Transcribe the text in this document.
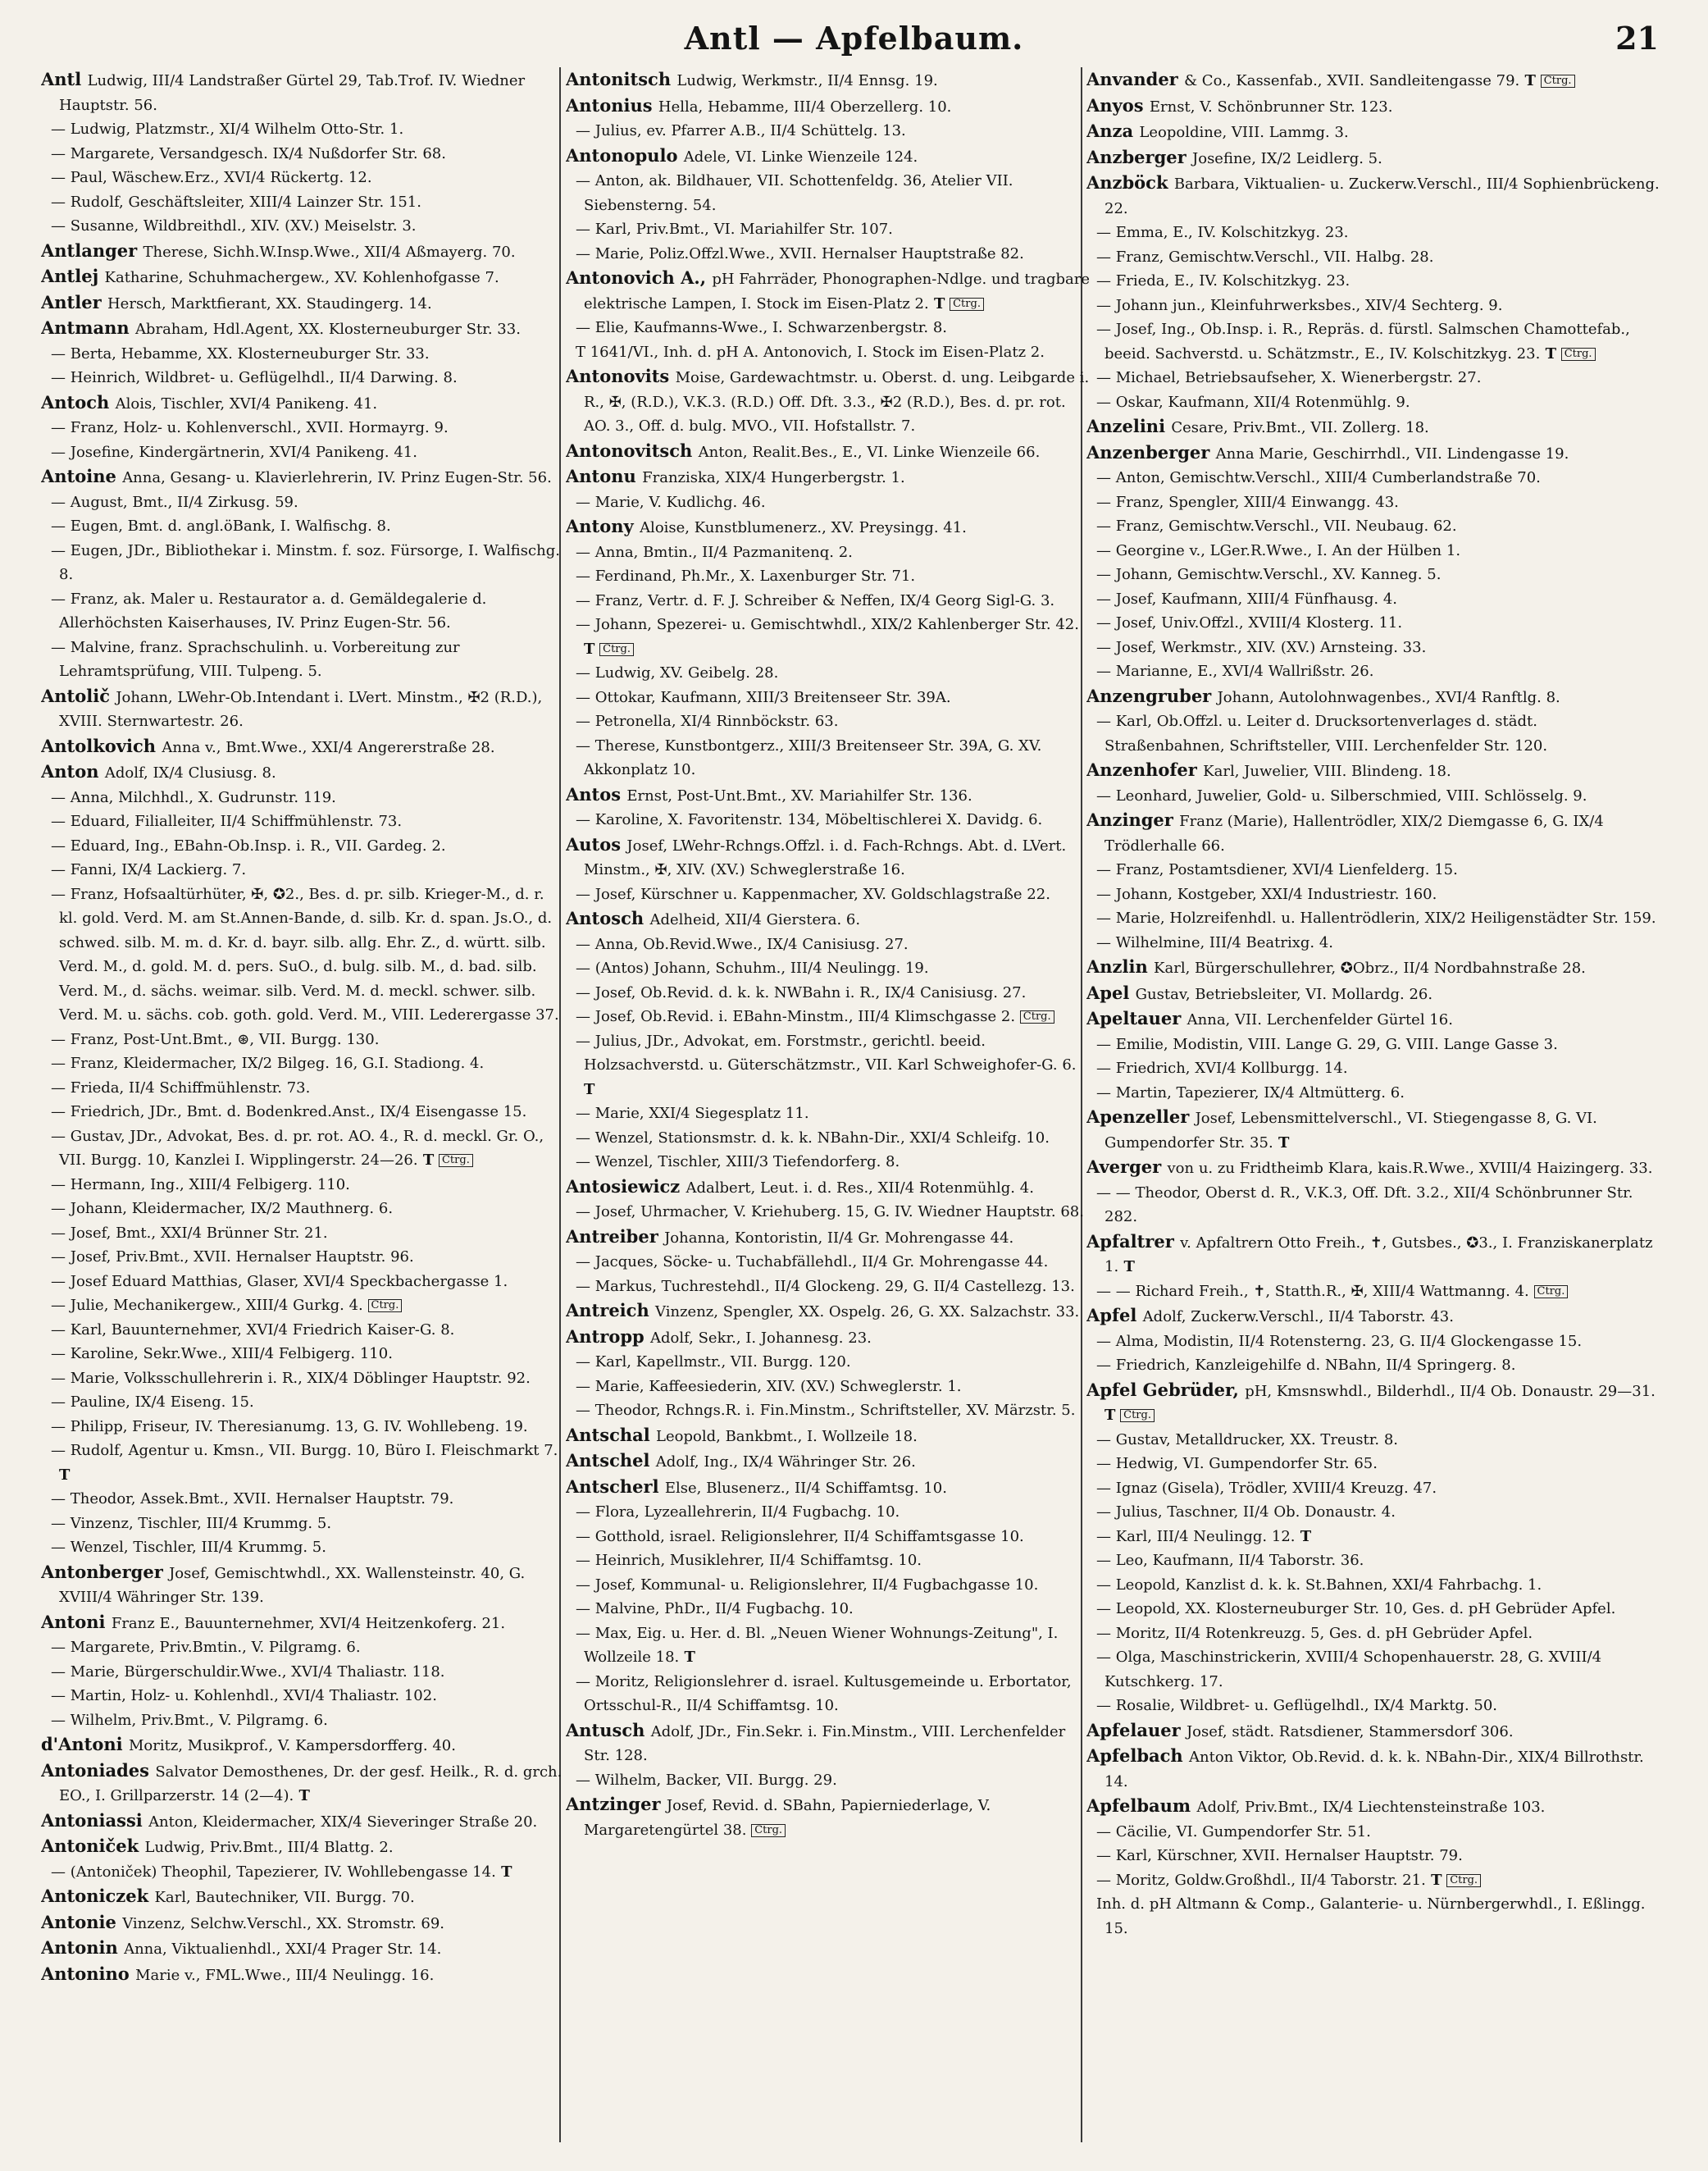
Antl — Apfelbaum.	21

Antl Ludwig, III/4 Landstraßer Gürtel 29, Tab.Trof. IV. Wiedner Hauptstr. 56.

— Ludwig, Platzmstr., XI/4 Wilhelm Otto-Str. 1.

— Margarete, Versandgesch. IX/4 Nußdorfer Str. 68.

— Paul, Wäschew.Erz., XVI/4 Rückertg. 12.

— Rudolf, Geschäftsleiter, XIII/4 Lainzer Str. 151.

— Susanne, Wildbreithdl., XIV. (XV.) Meiselstr. 3.

Antlanger Therese, Sichh.W.Insp.Wwe., XII/4 Aßmayerg. 70.

Antlej Katharine, Schuhmachergew., XV. Kohlenhofgasse 7.

Antler Hersch, Marktfierant, XX. Staudingerg. 14.

Antmann Abraham, Hdl.Agent, XX. Klosterneuburger Str. 33.

— Berta, Hebamme, XX. Klosterneuburger Str. 33.

— Heinrich, Wildbret- u. Geflügelhdl., II/4 Darwing. 8.

Antoch Alois, Tischler, XVI/4 Panikeng. 41.

— Franz, Holz- u. Kohlenverschl., XVII. Hormayrg. 9.

— Josefine, Kindergärtnerin, XVI/4 Panikeng. 41.

Antoine Anna, Gesang- u. Klavierlehrerin, IV. Prinz Eugen-Str. 56.

— August, Bmt., II/4 Zirkusg. 59.

— Eugen, Bmt. d. angl.öBank, I. Walfischg. 8.

— Eugen, JDr., Bibliothekar i. Minstm. f. soz. Fürsorge, I. Walfischg. 8.

— Franz, ak. Maler u. Restaurator a. d. Gemäldegalerie d. Allerhöchsten Kaiserhauses, IV. Prinz Eugen-Str. 56.

— Malvine, franz. Sprachschulinh. u. Vorbereitung zur Lehramtsprüfung, VIII. Tulpeng. 5.

Antolič Johann, LWehr-Ob.Intendant i. LVert. Minstm., ✠2 (R.D.), XVIII. Sternwartestr. 26.

Antolkovich Anna v., Bmt.Wwe., XXI/4 Angererstraße 28.

Anton Adolf, IX/4 Clusiusg. 8.

— Anna, Milchhdl., X. Gudrunstr. 119.

— Eduard, Filialleiter, II/4 Schiffmühlenstr. 73.

— Eduard, Ing., EBahn-Ob.Insp. i. R., VII. Gardeg. 2.

— Fanni, IX/4 Lackierg. 7.

— Franz, Hofsaaltürhüter, ✠, ✪2., Bes. d. pr. silb. Krieger-M., d. r. kl. gold. Verd. M. am St.Annen-Bande, d. silb. Kr. d. span. Js.O., d. schwed. silb. M. m. d. Kr. d. bayr. silb. allg. Ehr. Z., d. württ. silb. Verd. M., d. gold. M. d. pers. SuO., d. bulg. silb. M., d. bad. silb. Verd. M., d. sächs. weimar. silb. Verd. M. d. meckl. schwer. silb. Verd. M. u. sächs. cob. goth. gold. Verd. M., VIII. Lederergasse 37.

— Franz, Post-Unt.Bmt., ⊛, VII. Burgg. 130.

— Franz, Kleidermacher, IX/2 Bilgeg. 16, G.I. Stadiong. 4.

— Frieda, II/4 Schiffmühlenstr. 73.

— Friedrich, JDr., Bmt. d. Bodenkred.Anst., IX/4 Eisengasse 15.

— Gustav, JDr., Advokat, Bes. d. pr. rot. AO. 4., R. d. meckl. Gr. O., VII. Burgg. 10, Kanzlei I. Wipplingerstr. 24—26. T Ctrg.

— Hermann, Ing., XIII/4 Felbigerg. 110.

— Johann, Kleidermacher, IX/2 Mauthnerg. 6.

— Josef, Bmt., XXI/4 Brünner Str. 21.

— Josef, Priv.Bmt., XVII. Hernalser Hauptstr. 96.

— Josef Eduard Matthias, Glaser, XVI/4 Speckbachergasse 1.

— Julie, Mechanikergew., XIII/4 Gurkg. 4. Ctrg.

— Karl, Bauunternehmer, XVI/4 Friedrich Kaiser-G. 8.

— Karoline, Sekr.Wwe., XIII/4 Felbigerg. 110.

— Marie, Volksschullehrerin i. R., XIX/4 Döblinger Hauptstr. 92.

— Pauline, IX/4 Eiseng. 15.

— Philipp, Friseur, IV. Theresianumg. 13, G. IV. Wohllebeng. 19.

— Rudolf, Agentur u. Kmsn., VII. Burgg. 10, Büro I. Fleischmarkt 7. T

— Theodor, Assek.Bmt., XVII. Hernalser Hauptstr. 79.

— Vinzenz, Tischler, III/4 Krummg. 5.

— Wenzel, Tischler, III/4 Krummg. 5.

Antonberger Josef, Gemischtwhdl., XX. Wallensteinstr. 40, G. XVIII/4 Währinger Str. 139.

Antoni Franz E., Bauunternehmer, XVI/4 Heitzenkoferg. 21.

— Margarete, Priv.Bmtin., V. Pilgramg. 6.

— Marie, Bürgerschuldir.Wwe., XVI/4 Thaliastr. 118.

— Martin, Holz- u. Kohlenhdl., XVI/4 Thaliastr. 102.

— Wilhelm, Priv.Bmt., V. Pilgramg. 6.

d'Antoni Moritz, Musikprof., V. Kampersdorfferg. 40.

Antoniades Salvator Demosthenes, Dr. der gesf. Heilk., R. d. grch. EO., I. Grillparzerstr. 14 (2—4). T

Antoniassi Anton, Kleidermacher, XIX/4 Sieveringer Straße 20.

Antoniček Ludwig, Priv.Bmt., III/4 Blattg. 2.

— (Antoniček) Theophil, Tapezierer, IV. Wohllebengasse 14. T

Antoniczek Karl, Bautechniker, VII. Burgg. 70.

Antonie Vinzenz, Selchw.Verschl., XX. Stromstr. 69.

Antonin Anna, Viktualienhdl., XXI/4 Prager Str. 14.

Antonino Marie v., FML.Wwe., III/4 Neulingg. 16.

Antonitsch Ludwig, Werkmstr., II/4 Ennsg. 19.

Antonius Hella, Hebamme, III/4 Oberzellerg. 10.

— Julius, ev. Pfarrer A.B., II/4 Schüttelg. 13.

Antonopulo Adele, VI. Linke Wienzeile 124.

— Anton, ak. Bildhauer, VII. Schottenfeldg. 36, Atelier VII. Siebensterng. 54.

— Karl, Priv.Bmt., VI. Mariahilfer Str. 107.

— Marie, Poliz.Offzl.Wwe., XVII. Hernalser Hauptstraße 82.

Antonovich A., pH Fahrräder, Phonographen-Ndlge. und tragbare elektrische Lampen, I. Stock im Eisen-Platz 2. T Ctrg.

— Elie, Kaufmanns-Wwe., I. Schwarzenbergstr. 8.

T 1641/VI., Inh. d. pH A. Antonovich, I. Stock im Eisen-Platz 2.

Antonovits Moise, Gardewachtmstr. u. Oberst. d. ung. Leibgarde i. R., ✠, (R.D.), V.K.3. (R.D.) Off. Dft. 3.3., ✠2 (R.D.), Bes. d. pr. rot. AO. 3., Off. d. bulg. MVO., VII. Hofstallstr. 7.

Antonovitsch Anton, Realit.Bes., E., VI. Linke Wienzeile 66.

Antonu Franziska, XIX/4 Hungerbergstr. 1.

— Marie, V. Kudlichg. 46.

Antony Aloise, Kunstblumenerz., XV. Preysingg. 41.

— Anna, Bmtin., II/4 Pazmanitenq. 2.

— Ferdinand, Ph.Mr., X. Laxenburger Str. 71.

— Franz, Vertr. d. F. J. Schreiber & Neffen, IX/4 Georg Sigl-G. 3.

— Johann, Spezerei- u. Gemischtwhdl., XIX/2 Kahlenberger Str. 42. T Ctrg.

— Ludwig, XV. Geibelg. 28.

— Ottokar, Kaufmann, XIII/3 Breitenseer Str. 39A.

— Petronella, XI/4 Rinnböckstr. 63.

— Therese, Kunstbontgerz., XIII/3 Breitenseer Str. 39A, G. XV. Akkonplatz 10.

Antos Ernst, Post-Unt.Bmt., XV. Mariahilfer Str. 136.

— Karoline, X. Favoritenstr. 134, Möbeltischlerei X. Davidg. 6.

Autos Josef, LWehr-Rchngs.Offzl. i. d. Fach-Rchngs. Abt. d. LVert. Minstm., ✠, XIV. (XV.) Schweglerstraße 16.

— Josef, Kürschner u. Kappenmacher, XV. Goldschlagstraße 22.

Antosch Adelheid, XII/4 Gierstera. 6.

— Anna, Ob.Revid.Wwe., IX/4 Canisiusg. 27.

— (Antos) Johann, Schuhm., III/4 Neulingg. 19.

— Josef, Ob.Revid. d. k. k. NWBahn i. R., IX/4 Canisiusg. 27.

— Josef, Ob.Revid. i. EBahn-Minstm., III/4 Klimschgasse 2. Ctrg.

— Julius, JDr., Advokat, em. Forstmstr., gerichtl. beeid. Holzsachverstd. u. Güterschätzmstr., VII. Karl Schweighofer-G. 6. T

— Marie, XXI/4 Siegesplatz 11.

— Wenzel, Stationsmstr. d. k. k. NBahn-Dir., XXI/4 Schleifg. 10.

— Wenzel, Tischler, XIII/3 Tiefendorferg. 8.

Antosiewicz Adalbert, Leut. i. d. Res., XII/4 Rotenmühlg. 4.

— Josef, Uhrmacher, V. Kriehuberg. 15, G. IV. Wiedner Hauptstr. 68.

Antreiber Johanna, Kontoristin, II/4 Gr. Mohrengasse 44.

— Jacques, Söcke- u. Tuchabfällehdl., II/4 Gr. Mohrengasse 44.

— Markus, Tuchrestehdl., II/4 Glockeng. 29, G. II/4 Castellezg. 13.

Antreich Vinzenz, Spengler, XX. Ospelg. 26, G. XX. Salzachstr. 33.

Antropp Adolf, Sekr., I. Johannesg. 23.

— Karl, Kapellmstr., VII. Burgg. 120.

— Marie, Kaffeesiederin, XIV. (XV.) Schweglerstr. 1.

— Theodor, Rchngs.R. i. Fin.Minstm., Schriftsteller, XV. Märzstr. 5.

Antschal Leopold, Bankbmt., I. Wollzeile 18.

Antschel Adolf, Ing., IX/4 Währinger Str. 26.

Antscherl Else, Blusenerz., II/4 Schiffamtsg. 10.

— Flora, Lyzeallehrerin, II/4 Fugbachg. 10.

— Gotthold, israel. Religionslehrer, II/4 Schiffamtsgasse 10.

— Heinrich, Musiklehrer, II/4 Schiffamtsg. 10.

— Josef, Kommunal- u. Religionslehrer, II/4 Fugbachgasse 10.

— Malvine, PhDr., II/4 Fugbachg. 10.

— Max, Eig. u. Her. d. Bl. „Neuen Wiener Wohnungs-Zeitung", I. Wollzeile 18. T

— Moritz, Religionslehrer d. israel. Kultusgemeinde u. Erbortator, Ortsschul-R., II/4 Schiffamtsg. 10.

Antusch Adolf, JDr., Fin.Sekr. i. Fin.Minstm., VIII. Lerchenfelder Str. 128.

— Wilhelm, Backer, VII. Burgg. 29.

Antzinger Josef, Revid. d. SBahn, Papierniederlage, V. Margaretengürtel 38. Ctrg.

Anvander & Co., Kassenfab., XVII. Sandleitengasse 79. T Ctrg.

Anyos Ernst, V. Schönbrunner Str. 123.

Anza Leopoldine, VIII. Lammg. 3.

Anzberger Josefine, IX/2 Leidlerg. 5.

Anzböck Barbara, Viktualien- u. Zuckerw.Verschl., III/4 Sophienbrückeng. 22.

— Emma, E., IV. Kolschitzkyg. 23.

— Franz, Gemischtw.Verschl., VII. Halbg. 28.

— Frieda, E., IV. Kolschitzkyg. 23.

— Johann jun., Kleinfuhrwerksbes., XIV/4 Sechterg. 9.

— Josef, Ing., Ob.Insp. i. R., Repräs. d. fürstl. Salmschen Chamottefab., beeid. Sachverstd. u. Schätzmstr., E., IV. Kolschitzkyg. 23. T Ctrg.

— Michael, Betriebsaufseher, X. Wienerbergstr. 27.

— Oskar, Kaufmann, XII/4 Rotenmühlg. 9.

Anzelini Cesare, Priv.Bmt., VII. Zollerg. 18.

Anzenberger Anna Marie, Geschirrhdl., VII. Lindengasse 19.

— Anton, Gemischtw.Verschl., XIII/4 Cumberlandstraße 70.

— Franz, Spengler, XIII/4 Einwangg. 43.

— Franz, Gemischtw.Verschl., VII. Neubaug. 62.

— Georgine v., LGer.R.Wwe., I. An der Hülben 1.

— Johann, Gemischtw.Verschl., XV. Kanneg. 5.

— Josef, Kaufmann, XIII/4 Fünfhausg. 4.

— Josef, Univ.Offzl., XVIII/4 Klosterg. 11.

— Josef, Werkmstr., XIV. (XV.) Arnsteing. 33.

— Marianne, E., XVI/4 Wallrißstr. 26.

Anzengruber Johann, Autolohnwagenbes., XVI/4 Ranftlg. 8.

— Karl, Ob.Offzl. u. Leiter d. Drucksortenverlages d. städt. Straßenbahnen, Schriftsteller, VIII. Lerchenfelder Str. 120.

Anzenhofer Karl, Juwelier, VIII. Blindeng. 18.

— Leonhard, Juwelier, Gold- u. Silberschmied, VIII. Schlösselg. 9.

Anzinger Franz (Marie), Hallentrödler, XIX/2 Diemgasse 6, G. IX/4 Trödlerhalle 66.

— Franz, Postamtsdiener, XVI/4 Lienfelderg. 15.

— Johann, Kostgeber, XXI/4 Industriestr. 160.

— Marie, Holzreifenhdl. u. Hallentrödlerin, XIX/2 Heiligenstädter Str. 159.

— Wilhelmine, III/4 Beatrixg. 4.

Anzlin Karl, Bürgerschullehrer, ✪Obrz., II/4 Nordbahnstraße 28.

Apel Gustav, Betriebsleiter, VI. Mollardg. 26.

Apeltauer Anna, VII. Lerchenfelder Gürtel 16.

— Emilie, Modistin, VIII. Lange G. 29, G. VIII. Lange Gasse 3.

— Friedrich, XVI/4 Kollburgg. 14.

— Martin, Tapezierer, IX/4 Altmütterg. 6.

Apenzeller Josef, Lebensmittelverschl., VI. Stiegengasse 8, G. VI. Gumpendorfer Str. 35. T

Averger von u. zu Fridtheimb Klara, kais.R.Wwe., XVIII/4 Haizingerg. 33.

— — Theodor, Oberst d. R., V.K.3, Off. Dft. 3.2., XII/4 Schönbrunner Str. 282.

Apfaltrer v. Apfaltrern Otto Freih., ✝, Gutsbes., ✪3., I. Franziskanerplatz 1. T

— — Richard Freih., ✝, Statth.R., ✠, XIII/4 Wattmanng. 4. Ctrg.

Apfel Adolf, Zuckerw.Verschl., II/4 Taborstr. 43.

— Alma, Modistin, II/4 Rotensterng. 23, G. II/4 Glockengasse 15.

— Friedrich, Kanzleigehilfe d. NBahn, II/4 Springerg. 8.

Apfel Gebrüder, pH, Kmsnswhdl., Bilderhdl., II/4 Ob. Donaustr. 29—31. T Ctrg.

— Gustav, Metalldrucker, XX. Treustr. 8.

— Hedwig, VI. Gumpendorfer Str. 65.

— Ignaz (Gisela), Trödler, XVIII/4 Kreuzg. 47.

— Julius, Taschner, II/4 Ob. Donaustr. 4.

— Karl, III/4 Neulingg. 12. T

— Leo, Kaufmann, II/4 Taborstr. 36.

— Leopold, Kanzlist d. k. k. St.Bahnen, XXI/4 Fahrbachg. 1.

— Leopold, XX. Klosterneuburger Str. 10, Ges. d. pH Gebrüder Apfel.

— Moritz, II/4 Rotenkreuzg. 5, Ges. d. pH Gebrüder Apfel.

— Olga, Maschinstrickerin, XVIII/4 Schopenhauerstr. 28, G. XVIII/4 Kutschkerg. 17.

— Rosalie, Wildbret- u. Geflügelhdl., IX/4 Marktg. 50.

Apfelauer Josef, städt. Ratsdiener, Stammersdorf 306.

Apfelbach Anton Viktor, Ob.Revid. d. k. k. NBahn-Dir., XIX/4 Billrothstr. 14.

Apfelbaum Adolf, Priv.Bmt., IX/4 Liechtensteinstraße 103.

— Cäcilie, VI. Gumpendorfer Str. 51.

— Karl, Kürschner, XVII. Hernalser Hauptstr. 79.

— Moritz, Goldw.Großhdl., II/4 Taborstr. 21. T Ctrg.

Inh. d. pH Altmann & Comp., Galanterie- u. Nürnbergerwhdl., I. Eßlingg. 15.
